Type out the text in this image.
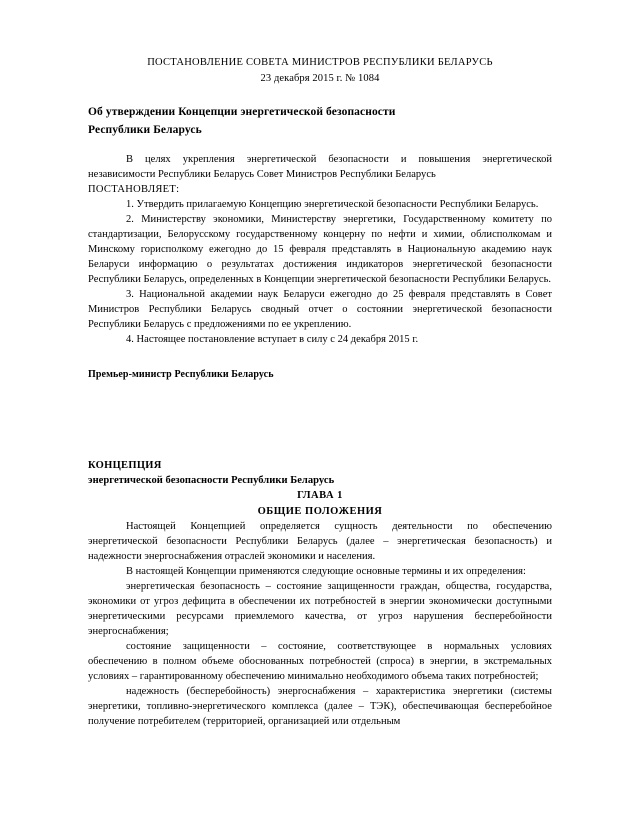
ПОСТАНОВЛЕНИЕ СОВЕТА МИНИСТРОВ РЕСПУБЛИКИ БЕЛАРУСЬ
23 декабря 2015 г. № 1084
Об утверждении Концепции энергетической безопасности
Республики Беларусь

В целях укрепления энергетической безопасности и повышения энергетической независимости Республики Беларусь Совет Министров Республики Беларусь

ПОСТАНОВЛЯЕТ:

1. Утвердить прилагаемую Концепцию энергетической безопасности Республики Беларусь.

2. Министерству экономики, Министерству энергетики, Государственному комитету по стандартизации, Белорусскому государственному концерну по нефти и химии, облисполкомам и Минскому горисполкому ежегодно до 15 февраля представлять в Национальную академию наук Беларуси информацию о результатах достижения индикаторов энергетической безопасности Республики Беларусь, определенных в Концепции энергетической безопасности Республики Беларусь.

3. Национальной академии наук Беларуси ежегодно до 25 февраля представлять в Совет Министров Республики Беларусь сводный отчет о состоянии энергетической безопасности Республики Беларусь с предложениями по ее укреплению.

4. Настоящее постановление вступает в силу с 24 декабря 2015 г.

Премьер-министр Республики Беларусь
КОНЦЕПЦИЯ
энергетической безопасности Республики Беларусь
ГЛАВА 1
ОБЩИЕ ПОЛОЖЕНИЯ

Настоящей Концепцией определяется сущность деятельности по обеспечению энергетической безопасности Республики Беларусь (далее – энергетическая безопасность) и надежности энергоснабжения отраслей экономики и населения.

В настоящей Концепции применяются следующие основные термины и их определения:

энергетическая безопасность – состояние защищенности граждан, общества, государства, экономики от угроз дефицита в обеспечении их потребностей в энергии экономически доступными энергетическими ресурсами приемлемого качества, от угроз нарушения бесперебойности энергоснабжения;

состояние защищенности – состояние, соответствующее в нормальных условиях обеспечению в полном объеме обоснованных потребностей (спроса) в энергии, в экстремальных условиях – гарантированному обеспечению минимально необходимого объема таких потребностей;

надежность (бесперебойность) энергоснабжения – характеристика энергетики (системы энергетики, топливно-энергетического комплекса (далее – ТЭК), обеспечивающая бесперебойное получение потребителем (территорией, организацией или отдельным
